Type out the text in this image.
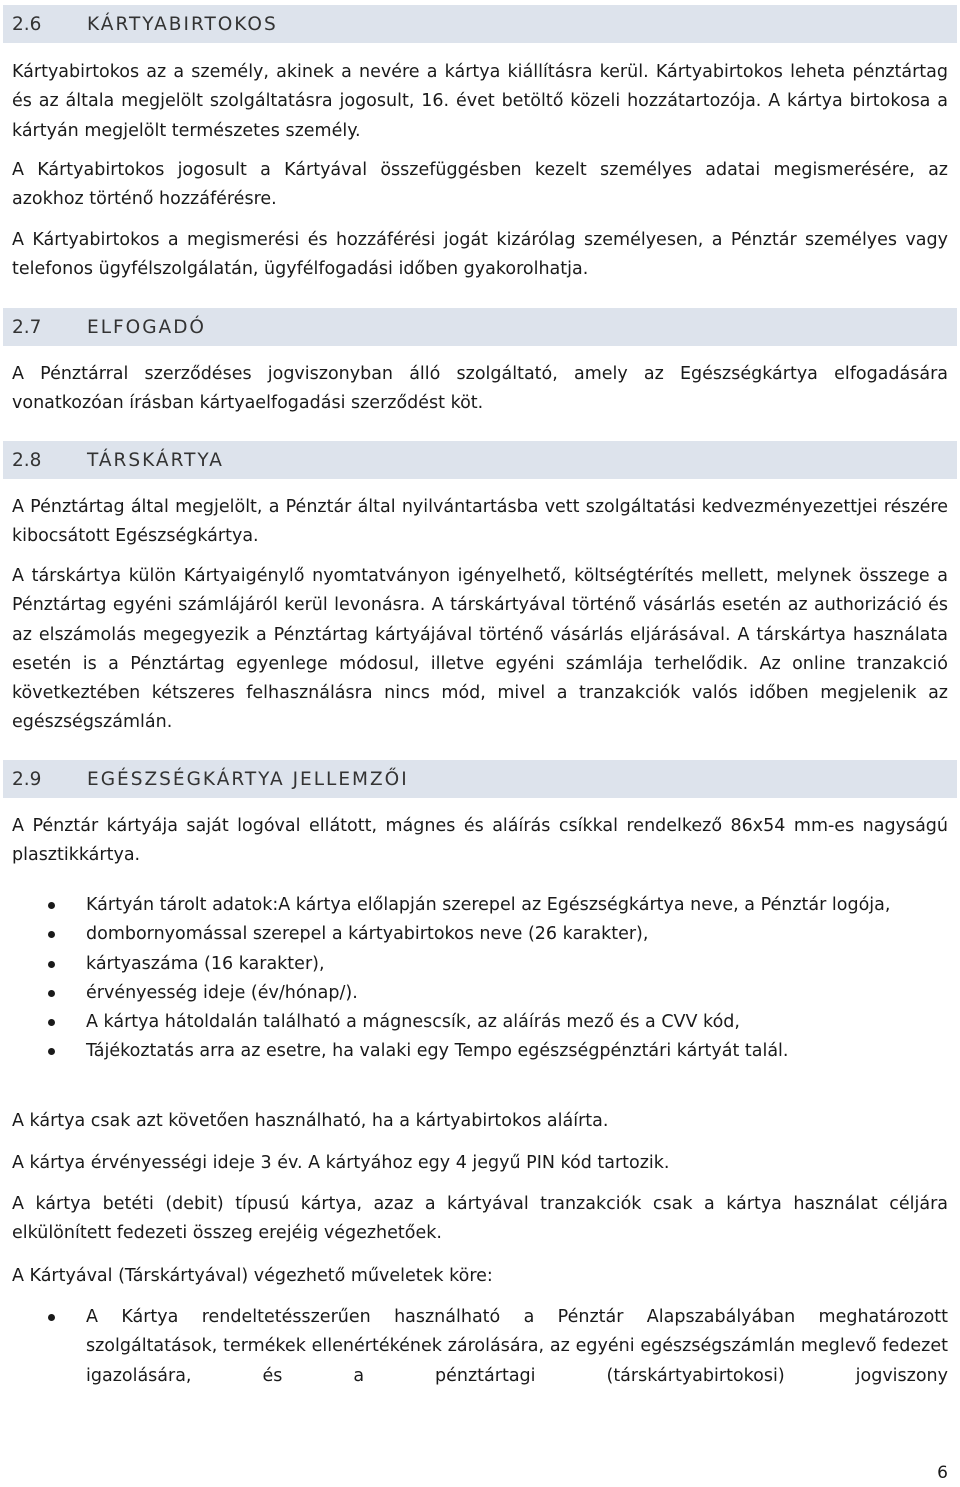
2.6 KÁRTYABIRTOKOS

Kártyabirtokos az a személy, akinek a nevére a kártya kiállításra kerül. Kártyabirtokos leheta pénztártag és az általa megjelölt szolgáltatásra jogosult, 16. évet betöltő közeli hozzátartozója. A kártya birtokosa a kártyán megjelölt természetes személy.

A Kártyabirtokos jogosult a Kártyával összefüggésben kezelt személyes adatai megismerésére, az azokhoz történő hozzáférésre.

A Kártyabirtokos a megismerési és hozzáférési jogát kizárólag személyesen, a Pénztár személyes vagy telefonos ügyfélszolgálatán, ügyfélfogadási időben gyakorolhatja.

2.7 ELFOGADÓ

A Pénztárral szerződéses jogviszonyban álló szolgáltató, amely az Egészségkártya elfogadására vonatkozóan írásban kártyaelfogadási szerződést köt.

2.8 TÁRSKÁRTYA

A Pénztártag által megjelölt, a Pénztár által nyilvántartásba vett szolgáltatási kedvezményezettjei részére kibocsátott Egészségkártya.

A társkártya külön Kártyaigénylő nyomtatványon igényelhető, költségtérítés mellett, melynek összege a Pénztártag egyéni számlájáról kerül levonásra. A társkártyával történő vásárlás esetén az authorizáció és az elszámolás megegyezik a Pénztártag kártyájával történő vásárlás eljárásával. A társkártya használata esetén is a Pénztártag egyenlege módosul, illetve egyéni számlája terhelődik. Az online tranzakció következtében kétszeres felhasználásra nincs mód, mivel a tranzakciók valós időben megjelenik az egészségszámlán.

2.9 EGÉSZSÉGKÁRTYA JELLEMZŐI

A Pénztár kártyája saját logóval ellátott, mágnes és aláírás csíkkal rendelkező 86x54 mm-es nagyságú plasztikkártya.

Kártyán tárolt adatok:A kártya előlapján szerepel az Egészségkártya neve, a Pénztár logója,
dombornyomással szerepel a kártyabirtokos neve (26 karakter),
kártyaszáma (16 karakter),
érvényesség ideje (év/hónap/).
A kártya hátoldalán található a mágnescsík, az aláírás mező és a CVV kód,
Tájékoztatás arra az esetre, ha valaki egy Tempo egészségpénztári kártyát talál.

A kártya csak azt követően használható, ha a kártyabirtokos aláírta.

A kártya érvényességi ideje 3 év. A kártyához egy 4 jegyű PIN kód tartozik.

A kártya betéti (debit) típusú kártya, azaz a kártyával tranzakciók csak a kártya használat céljára elkülönített fedezeti összeg erejéig végezhetőek.

A Kártyával (Társkártyával) végezhető műveletek köre:

A Kártya rendeltetésszerűen használható a Pénztár Alapszabályában meghatározott szolgáltatások, termékek ellenértékének zárolására, az egyéni egészségszámlán meglevő fedezet igazolására, és a pénztártagi (társkártyabirtokosi) jogviszony
6
